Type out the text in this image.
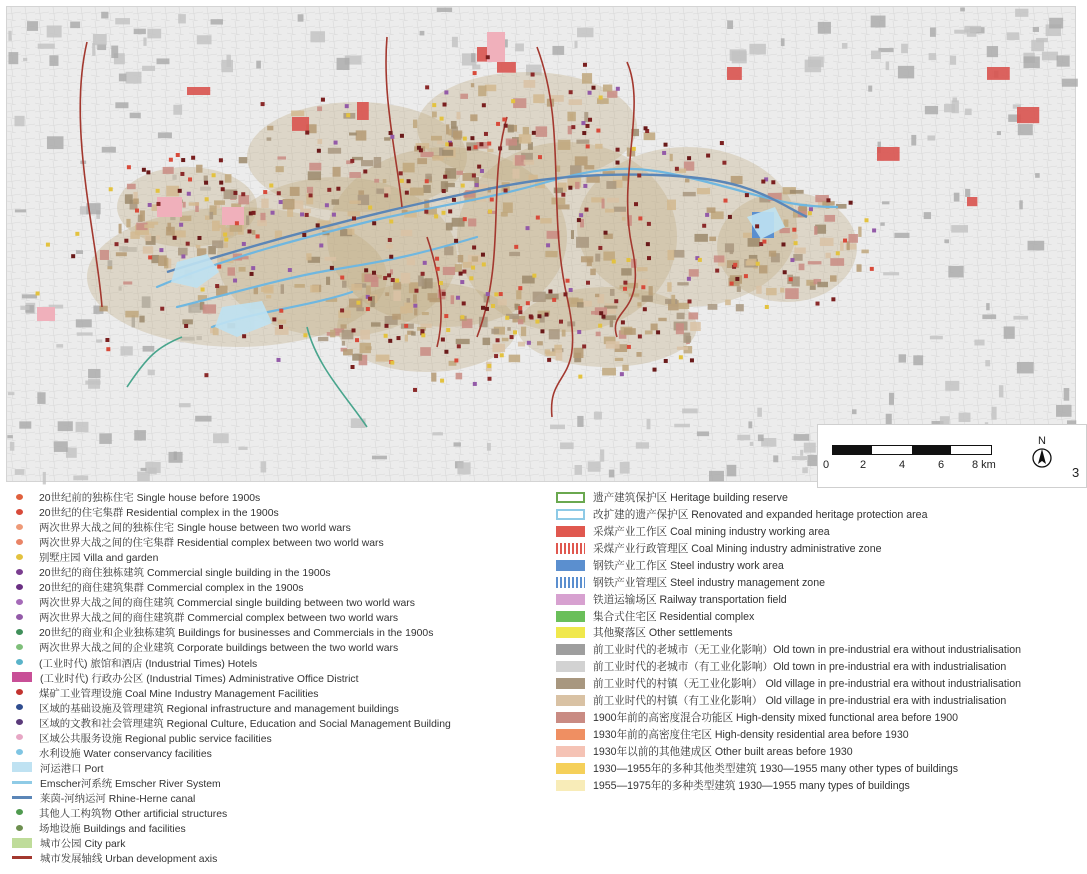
0	2	4	6	8 km
N
3
20世纪前的独栋住宅 Single house before 1900s
20世纪的住宅集群 Residential complex in the 1900s
两次世界大战之间的独栋住宅 Single house between two world wars
两次世界大战之间的住宅集群 Residential complex between two world wars
别墅庄园 Villa and garden
20世纪的商住独栋建筑 Commercial single building in the 1900s
20世纪的商住建筑集群 Commercial complex in the 1900s
两次世界大战之间的商住建筑 Commercial single building between two world wars
两次世界大战之间的商住建筑群 Commercial complex between two world wars
20世纪的商业和企业独栋建筑 Buildings for businesses and Commercials in the 1900s
两次世界大战之间的企业建筑 Corporate buildings between the two world wars
(工业时代) 旅馆和酒店 (Industrial Times) Hotels
(工业时代) 行政办公区 (Industrial Times) Administrative Office District
煤矿工业管理设施 Coal Mine Industry Management Facilities
区域的基础设施及管理建筑 Regional infrastructure and management buildings
区域的文教和社会管理建筑 Regional Culture, Education and Social Management Building
区域公共服务设施 Regional public service facilities
水利设施 Water conservancy facilities
河运港口 Port
Emscher河系统 Emscher River System
莱茵-河纳运河 Rhine-Herne canal
其他人工构筑物 Other artificial structures
场地设施 Buildings and facilities
城市公园 City park
城市发展轴线 Urban development axis
遗产建筑保护区 Heritage building reserve
改扩建的遗产保护区 Renovated and expanded heritage protection area
采煤产业工作区 Coal mining industry working area
采煤产业行政管理区 Coal Mining industry administrative zone
钢铁产业工作区 Steel industry work area
钢铁产业管理区 Steel industry management zone
铁道运输场区 Railway transportation field
集合式住宅区 Residential complex
其他聚落区 Other settlements
前工业时代的老城市（无工业化影响）Old town in pre-industrial era without industrialisation
前工业时代的老城市（有工业化影响）Old town in pre-industrial era with industrialisation
前工业时代的村镇（无工业化影响） Old village in pre-industrial era without industrialisation
前工业时代的村镇（有工业化影响） Old village in pre-industrial era with industrialisation
1900年前的高密度混合功能区 High-density mixed functional area before 1900
1930年前的高密度住宅区 High-density residential area before 1930
1930年以前的其他建成区 Other built areas before 1930
1930—1955年的多种其他类型建筑 1930—1955 many other types of buildings
1955—1975年的多种类型建筑 1930—1955 many types of buildings
